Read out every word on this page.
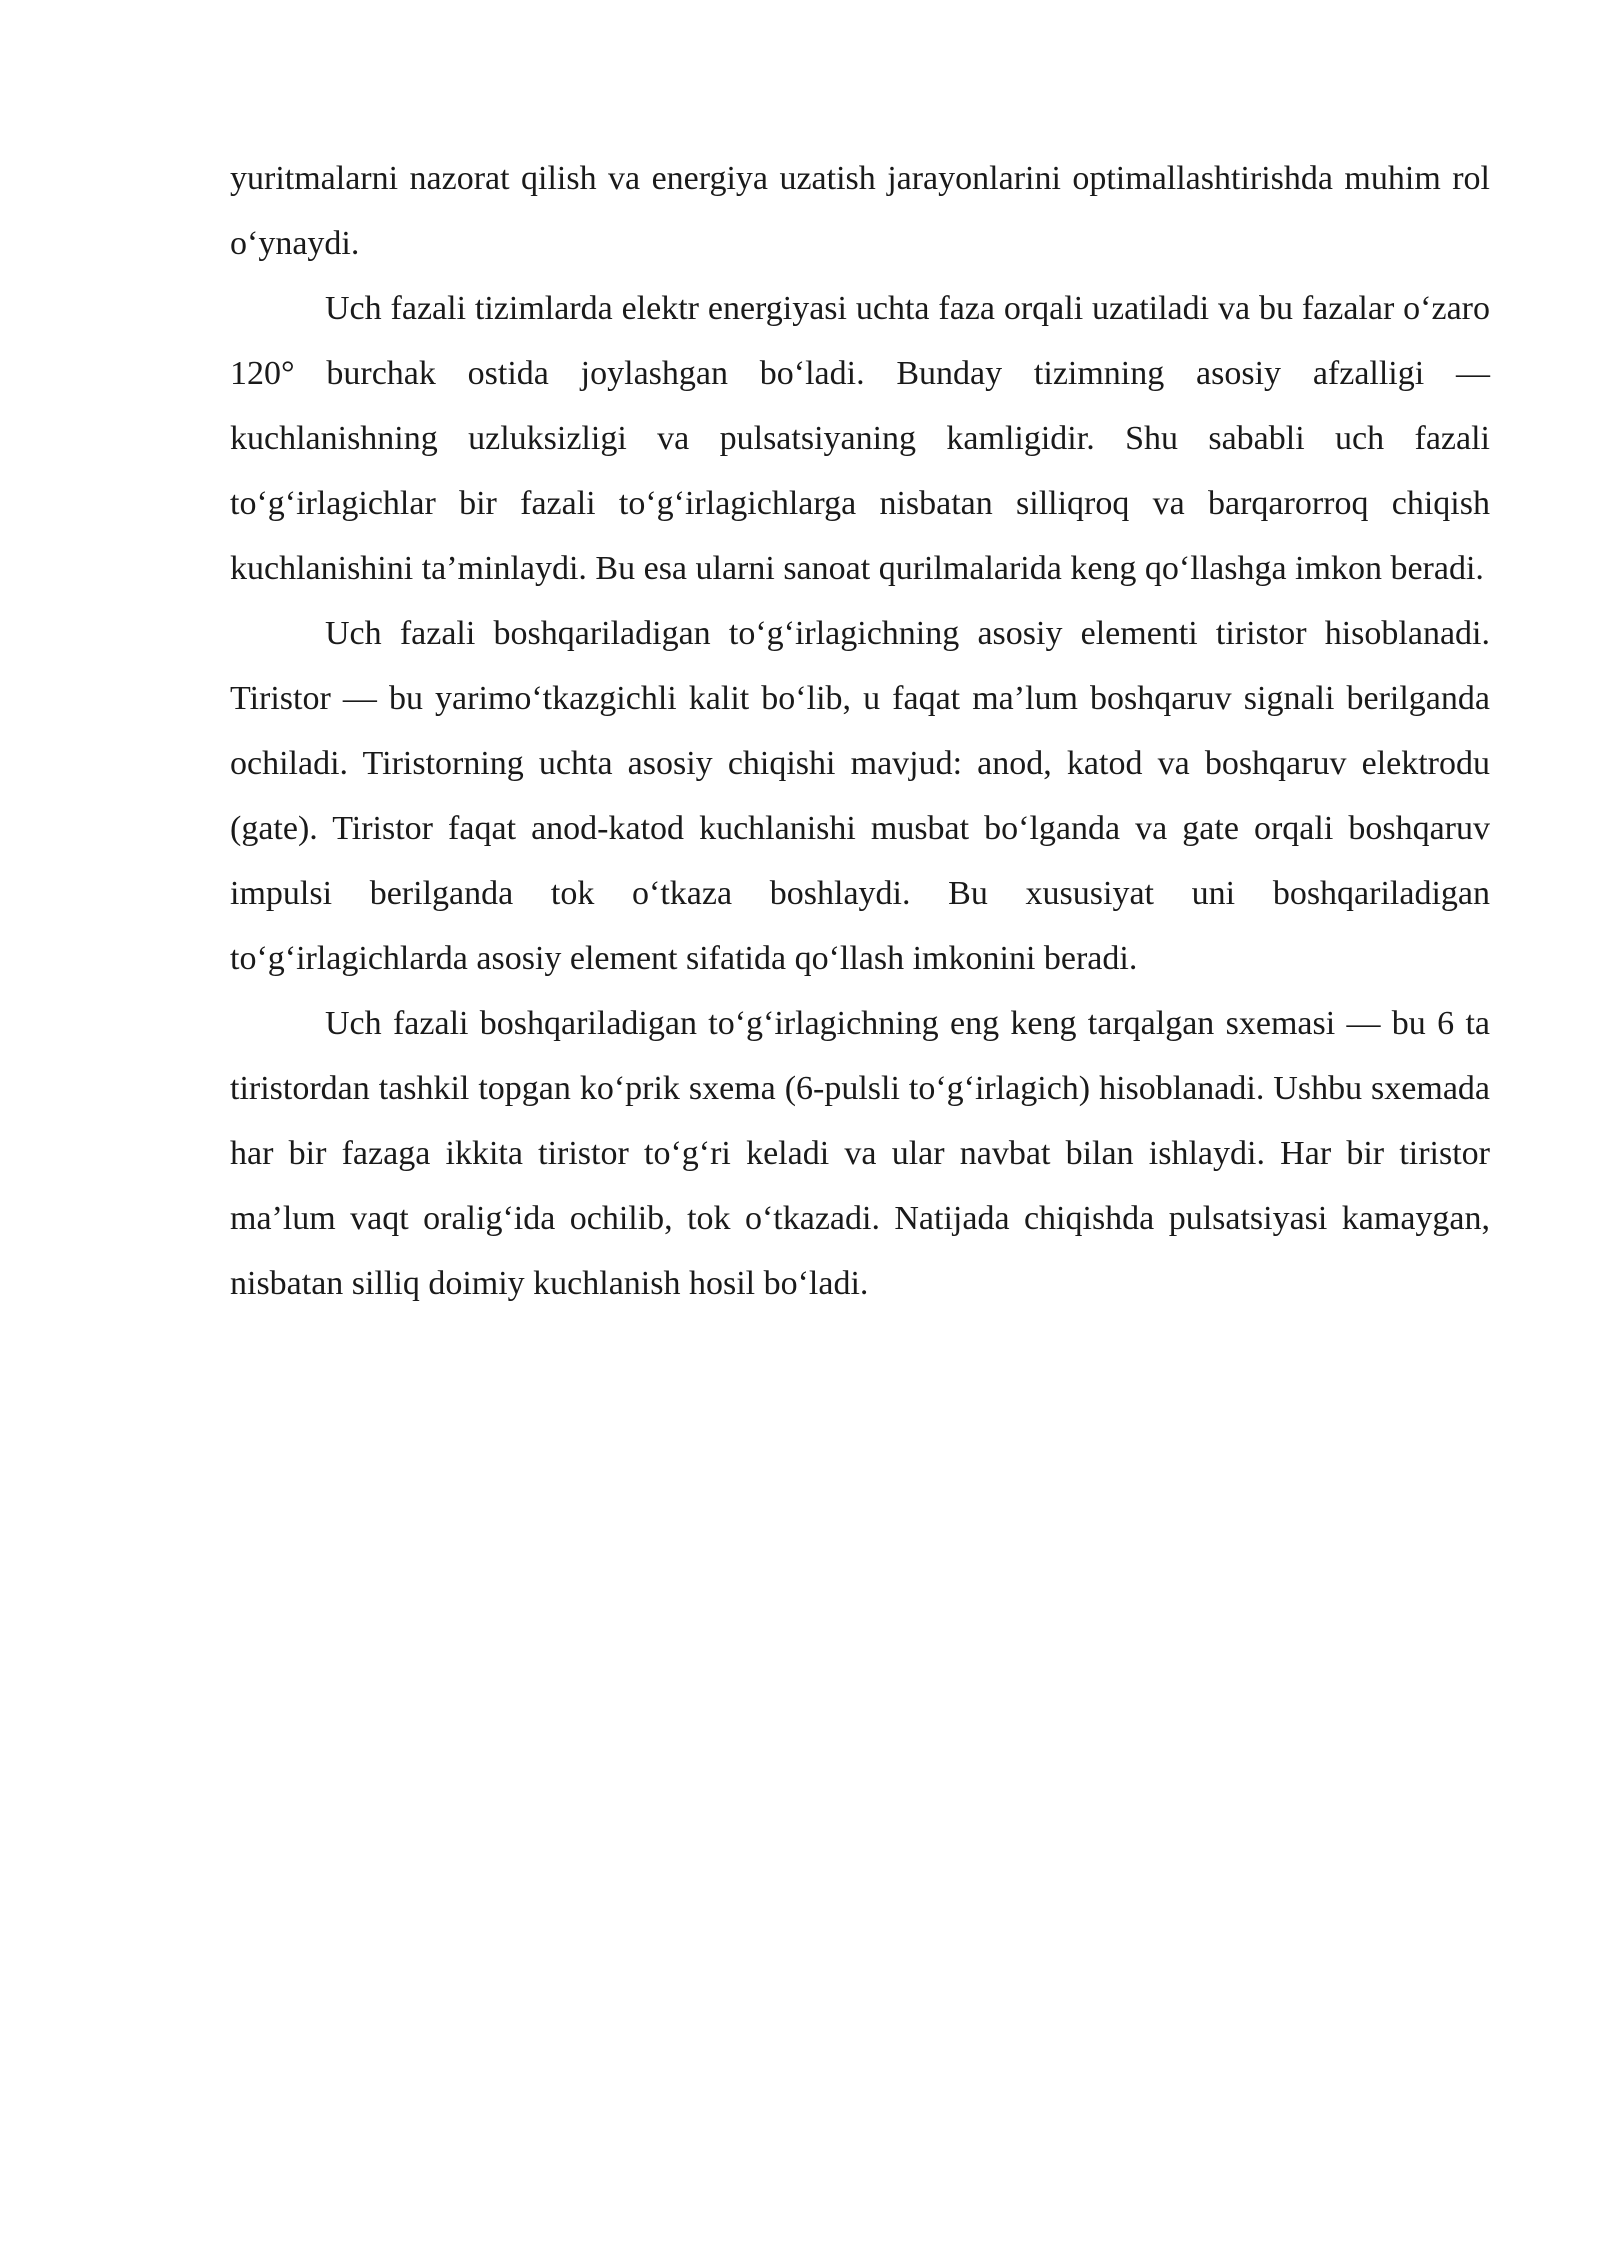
yuritmalarni nazorat qilish va energiya uzatish jarayonlarini optimallashtirishda muhim rol o‘ynaydi.

Uch fazali tizimlarda elektr energiyasi uchta faza orqali uzatiladi va bu fazalar o‘zaro 120° burchak ostida joylashgan bo‘ladi. Bunday tizimning asosiy afzalligi — kuchlanishning uzluksizligi va pulsatsiyaning kamligidir. Shu sababli uch fazali to‘g‘irlagichlar bir fazali to‘g‘irlagichlarga nisbatan silliqroq va barqarorroq chiqish kuchlanishini ta’minlaydi. Bu esa ularni sanoat qurilmalarida keng qo‘llashga imkon beradi.

Uch fazali boshqariladigan to‘g‘irlagichning asosiy elementi tiristor hisoblanadi. Tiristor — bu yarimo‘tkazgichli kalit bo‘lib, u faqat ma’lum boshqaruv signali berilganda ochiladi. Tiristorning uchta asosiy chiqishi mavjud: anod, katod va boshqaruv elektrodu (gate). Tiristor faqat anod-katod kuchlanishi musbat bo‘lganda va gate orqali boshqaruv impulsi berilganda tok o‘tkaza boshlaydi. Bu xususiyat uni boshqariladigan to‘g‘irlagichlarda asosiy element sifatida qo‘llash imkonini beradi.

Uch fazali boshqariladigan to‘g‘irlagichning eng keng tarqalgan sxemasi — bu 6 ta tiristordan tashkil topgan ko‘prik sxema (6-pulsli to‘g‘irlagich) hisoblanadi. Ushbu sxemada har bir fazaga ikkita tiristor to‘g‘ri keladi va ular navbat bilan ishlaydi. Har bir tiristor ma’lum vaqt oralig‘ida ochilib, tok o‘tkazadi. Natijada chiqishda pulsatsiyasi kamaygan, nisbatan silliq doimiy kuchlanish hosil bo‘ladi.
